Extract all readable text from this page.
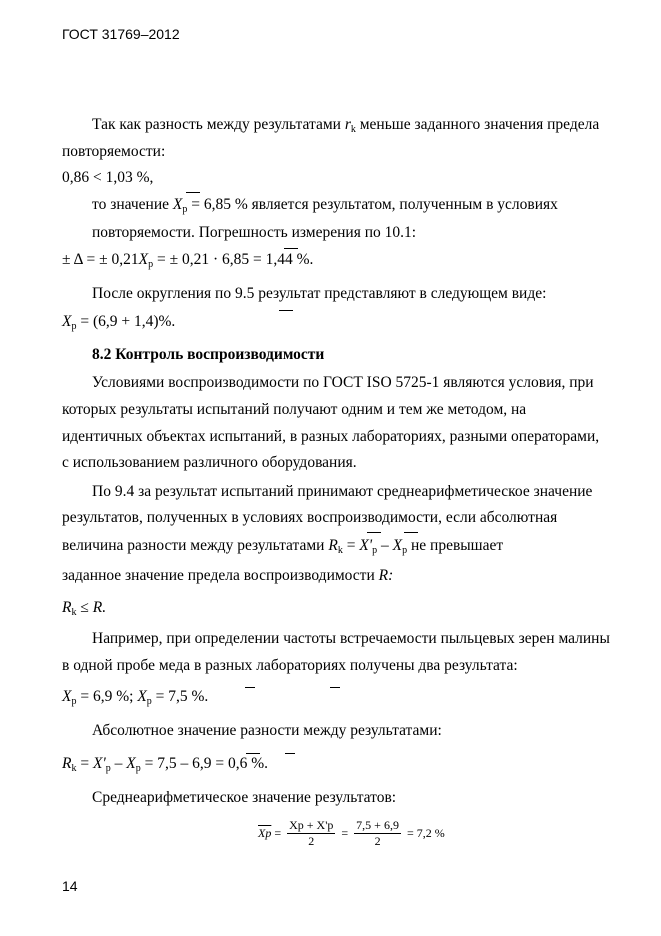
ГОСТ 31769–2012
Так как разность между результатами $r_k$ меньше заданного значения предела
повторяемости:
0,86 < 1,03 %,
то значение $X_р = 6,85$ % является результатом, полученным в условиях
повторяемости. Погрешность измерения по 10.1:
± Δ = ± $0,21X_р$ = ± 0,21 · 6,85 = 1,44 %.
После округления по 9.5 результат представляют в следующем виде:
$X_р = (6,9 + 1,4)\%$.
8.2 Контроль воспроизводимости
Условиями воспроизводимости по ГОСТ ISO 5725-1 являются условия, при
которых результаты испытаний получают одним и тем же методом, на
идентичных объектах испытаний, в разных лабораториях, разными операторами,
с использованием различного оборудования.
По 9.4 за результат испытаний принимают среднеарифметическое значение
результатов, полученных в условиях воспроизводимости, если абсолютная
величина разности между результатами $R_k = X'_р - X_р$ не превышает
заданное значение предела воспроизводимости R:
$R_k \le R$.
Например, при определении частоты встречаемости пыльцевых зерен малины
в одной пробе меда в разных лабораториях получены два результата:
$X_р = 6,9$ %; $X_р = 7,5$ %.
Абсолютное значение разности между результатами:
$R_k = X'_р - X_р = 7,5 - 6,9 = 0,6$ %.
Среднеарифметическое значение результатов:
Xр = $\frac{Xр + X'р}{2} = \frac{7,5 + 6,9}{2} = 7,2$ %
14
